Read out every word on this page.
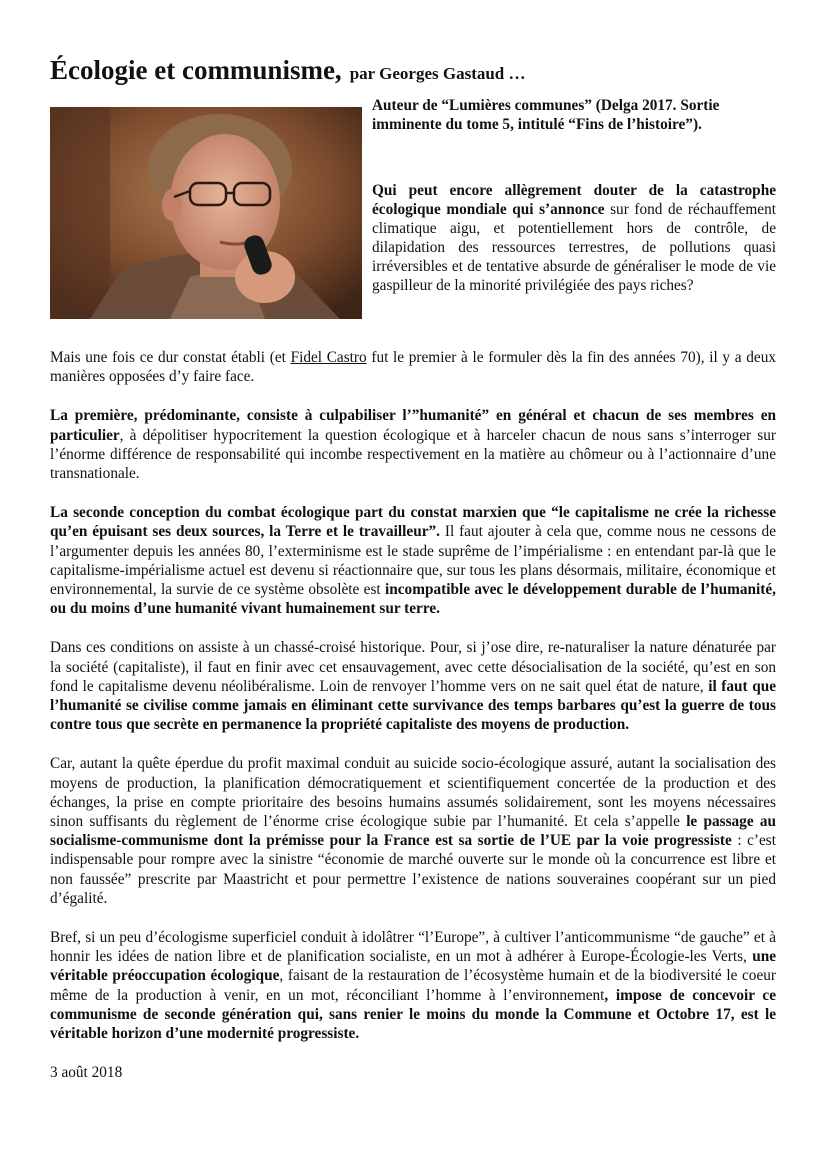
Écologie et communisme, par Georges Gastaud …

Auteur de “Lumières communes” (Delga 2017. Sortie imminente du tome 5, intitulé “Fins de l’histoire”).

Qui peut encore allègrement douter de la catastrophe écologique mondiale qui s’annonce sur fond de réchauffement climatique aigu, et potentiellement hors de contrôle, de dilapidation des ressources terrestres, de pollutions quasi irréversibles et de tentative absurde de généraliser le mode de vie gaspilleur de la minorité privilégiée des pays riches?

Mais une fois ce dur constat établi (et Fidel Castro fut le premier à le formuler dès la fin des années 70), il y a deux manières opposées d’y faire face.

La première, prédominante, consiste à culpabiliser l’”humanité” en général et chacun de ses membres en particulier, à dépolitiser hypocritement la question écologique et à harceler chacun de nous sans s’interroger sur l’énorme différence de responsabilité qui incombe respectivement en la matière au chômeur ou à l’actionnaire d’une transnationale.

La seconde conception du combat écologique part du constat marxien que “le capitalisme ne crée la richesse qu’en épuisant ses deux sources, la Terre et le travailleur”. Il faut ajouter à cela que, comme nous ne cessons de l’argumenter depuis les années 80, l’exterminisme est le stade suprême de l’impérialisme : en entendant par-là que le capitalisme-impérialisme actuel est devenu si réactionnaire que, sur tous les plans désormais, militaire, économique et environnemental, la survie de ce système obsolète est incompatible avec le développement durable de l’humanité, ou du moins d’une humanité vivant humainement sur terre.

Dans ces conditions on assiste à un chassé-croisé historique. Pour, si j’ose dire, re-naturaliser la nature dénaturée par la société (capitaliste), il faut en finir avec cet ensauvagement, avec cette désocialisation de la société, qu’est en son fond le capitalisme devenu néolibéralisme. Loin de renvoyer l’homme vers on ne sait quel état de nature, il faut que l’humanité se civilise comme jamais en éliminant cette survivance des temps barbares qu’est la guerre de tous contre tous que secrète en permanence la propriété capitaliste des moyens de production.

Car, autant la quête éperdue du profit maximal conduit au suicide socio-écologique assuré, autant la socialisation des moyens de production, la planification démocratiquement et scientifiquement concertée de la production et des échanges, la prise en compte prioritaire des besoins humains assumés solidairement, sont les moyens nécessaires sinon suffisants du règlement de l’énorme crise écologique subie par l’humanité. Et cela s’appelle le passage au socialisme-communisme dont la prémisse pour la France est sa sortie de l’UE par la voie progressiste : c’est indispensable pour rompre avec la sinistre “économie de marché ouverte sur le monde où la concurrence est libre et non faussée” prescrite par Maastricht et pour permettre l’existence de nations souveraines coopérant sur un pied d’égalité.

Bref, si un peu d’écologisme superficiel conduit à idolâtrer “l’Europe”, à cultiver l’anticommunisme “de gauche” et à honnir les idées de nation libre et de planification socialiste, en un mot à adhérer à Europe-Écologie-les Verts, une véritable préoccupation écologique, faisant de la restauration de l’écosystème humain et de la biodiversité le coeur même de la production à venir, en un mot, réconciliant l’homme à l’environnement, impose de concevoir ce communisme de seconde génération qui, sans renier le moins du monde la Commune et Octobre 17, est le véritable horizon d’une modernité progressiste.

3 août 2018
